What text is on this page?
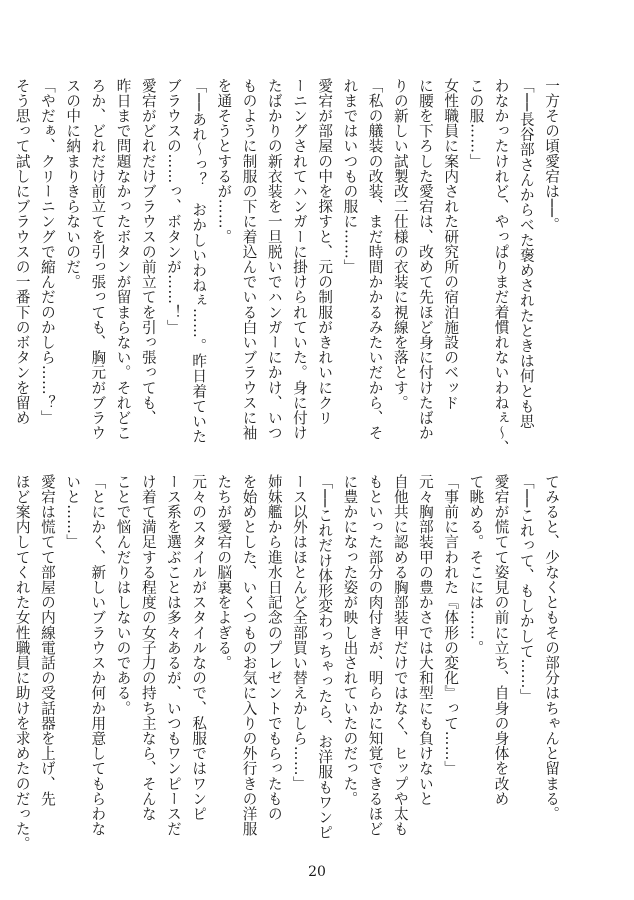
一方その頃愛宕は──。

「──長谷部さんからべた褒めされたときは何とも思

わなかったけれど、やっぱりまだ着慣れないわねぇ〜、

この服……」

女性職員に案内された研究所の宿泊施設のベッド

に腰を下ろした愛宕は、改めて先ほど身に付けたばか

りの新しい試製改二仕様の衣装に視線を落とす。

「私の艤装の改装、まだ時間かかるみたいだから、そ

れまではいつもの服に……」

愛宕が部屋の中を探すと、元の制服がきれいにクリ

ーニングされてハンガーに掛けられていた。身に付け

たばかりの新衣装を一旦脱いでハンガーにかけ、いつ

ものように制服の下に着込んでいる白いブラウスに袖

を通そうとするが……。

「──あれ〜っ？　おかしいわねぇ……。昨日着ていた

ブラウスの……っ、ボタンが……！」

愛宕がどれだけブラウスの前立てを引っ張っても、

昨日まで問題なかったボタンが留まらない。それどこ

ろか、どれだけ前立てを引っ張っても、胸元がブラウ

スの中に納まりきらないのだ。

「やだぁ、クリーニングで縮んだのかしら……？」

そう思って試しにブラウスの一番下のボタンを留め

てみると、少なくともその部分はちゃんと留まる。

「──これって、もしかして……」

愛宕が慌てて姿見の前に立ち、自身の身体を改め

て眺める。そこには……。

「事前に言われた『体形の変化』って……」

元々胸部装甲の豊かさでは大和型にも負けないと

自他共に認める胸部装甲だけではなく、ヒップや太も

もといった部分の肉付きが、明らかに知覚できるほど

に豊かになった姿が映し出されていたのだった。

「──これだけ体形変わっちゃったら、お洋服もワンピ

ース以外はほとんど全部買い替えかしら……」

姉妹艦から進水日記念のプレゼントでもらったもの

を始めとした、いくつものお気に入りの外行きの洋服

たちが愛宕の脳裏をよぎる。

元々のスタイルがスタイルなので、私服ではワンピ

ース系を選ぶことは多々あるが、いつもワンピースだ

け着て満足する程度の女子力の持ち主なら、そんな

ことで悩んだりはしないのである。

「とにかく、新しいブラウスか何か用意してもらわな

いと……」

愛宕は慌てて部屋の内線電話の受話器を上げ、先

ほど案内してくれた女性職員に助けを求めたのだった。

20
